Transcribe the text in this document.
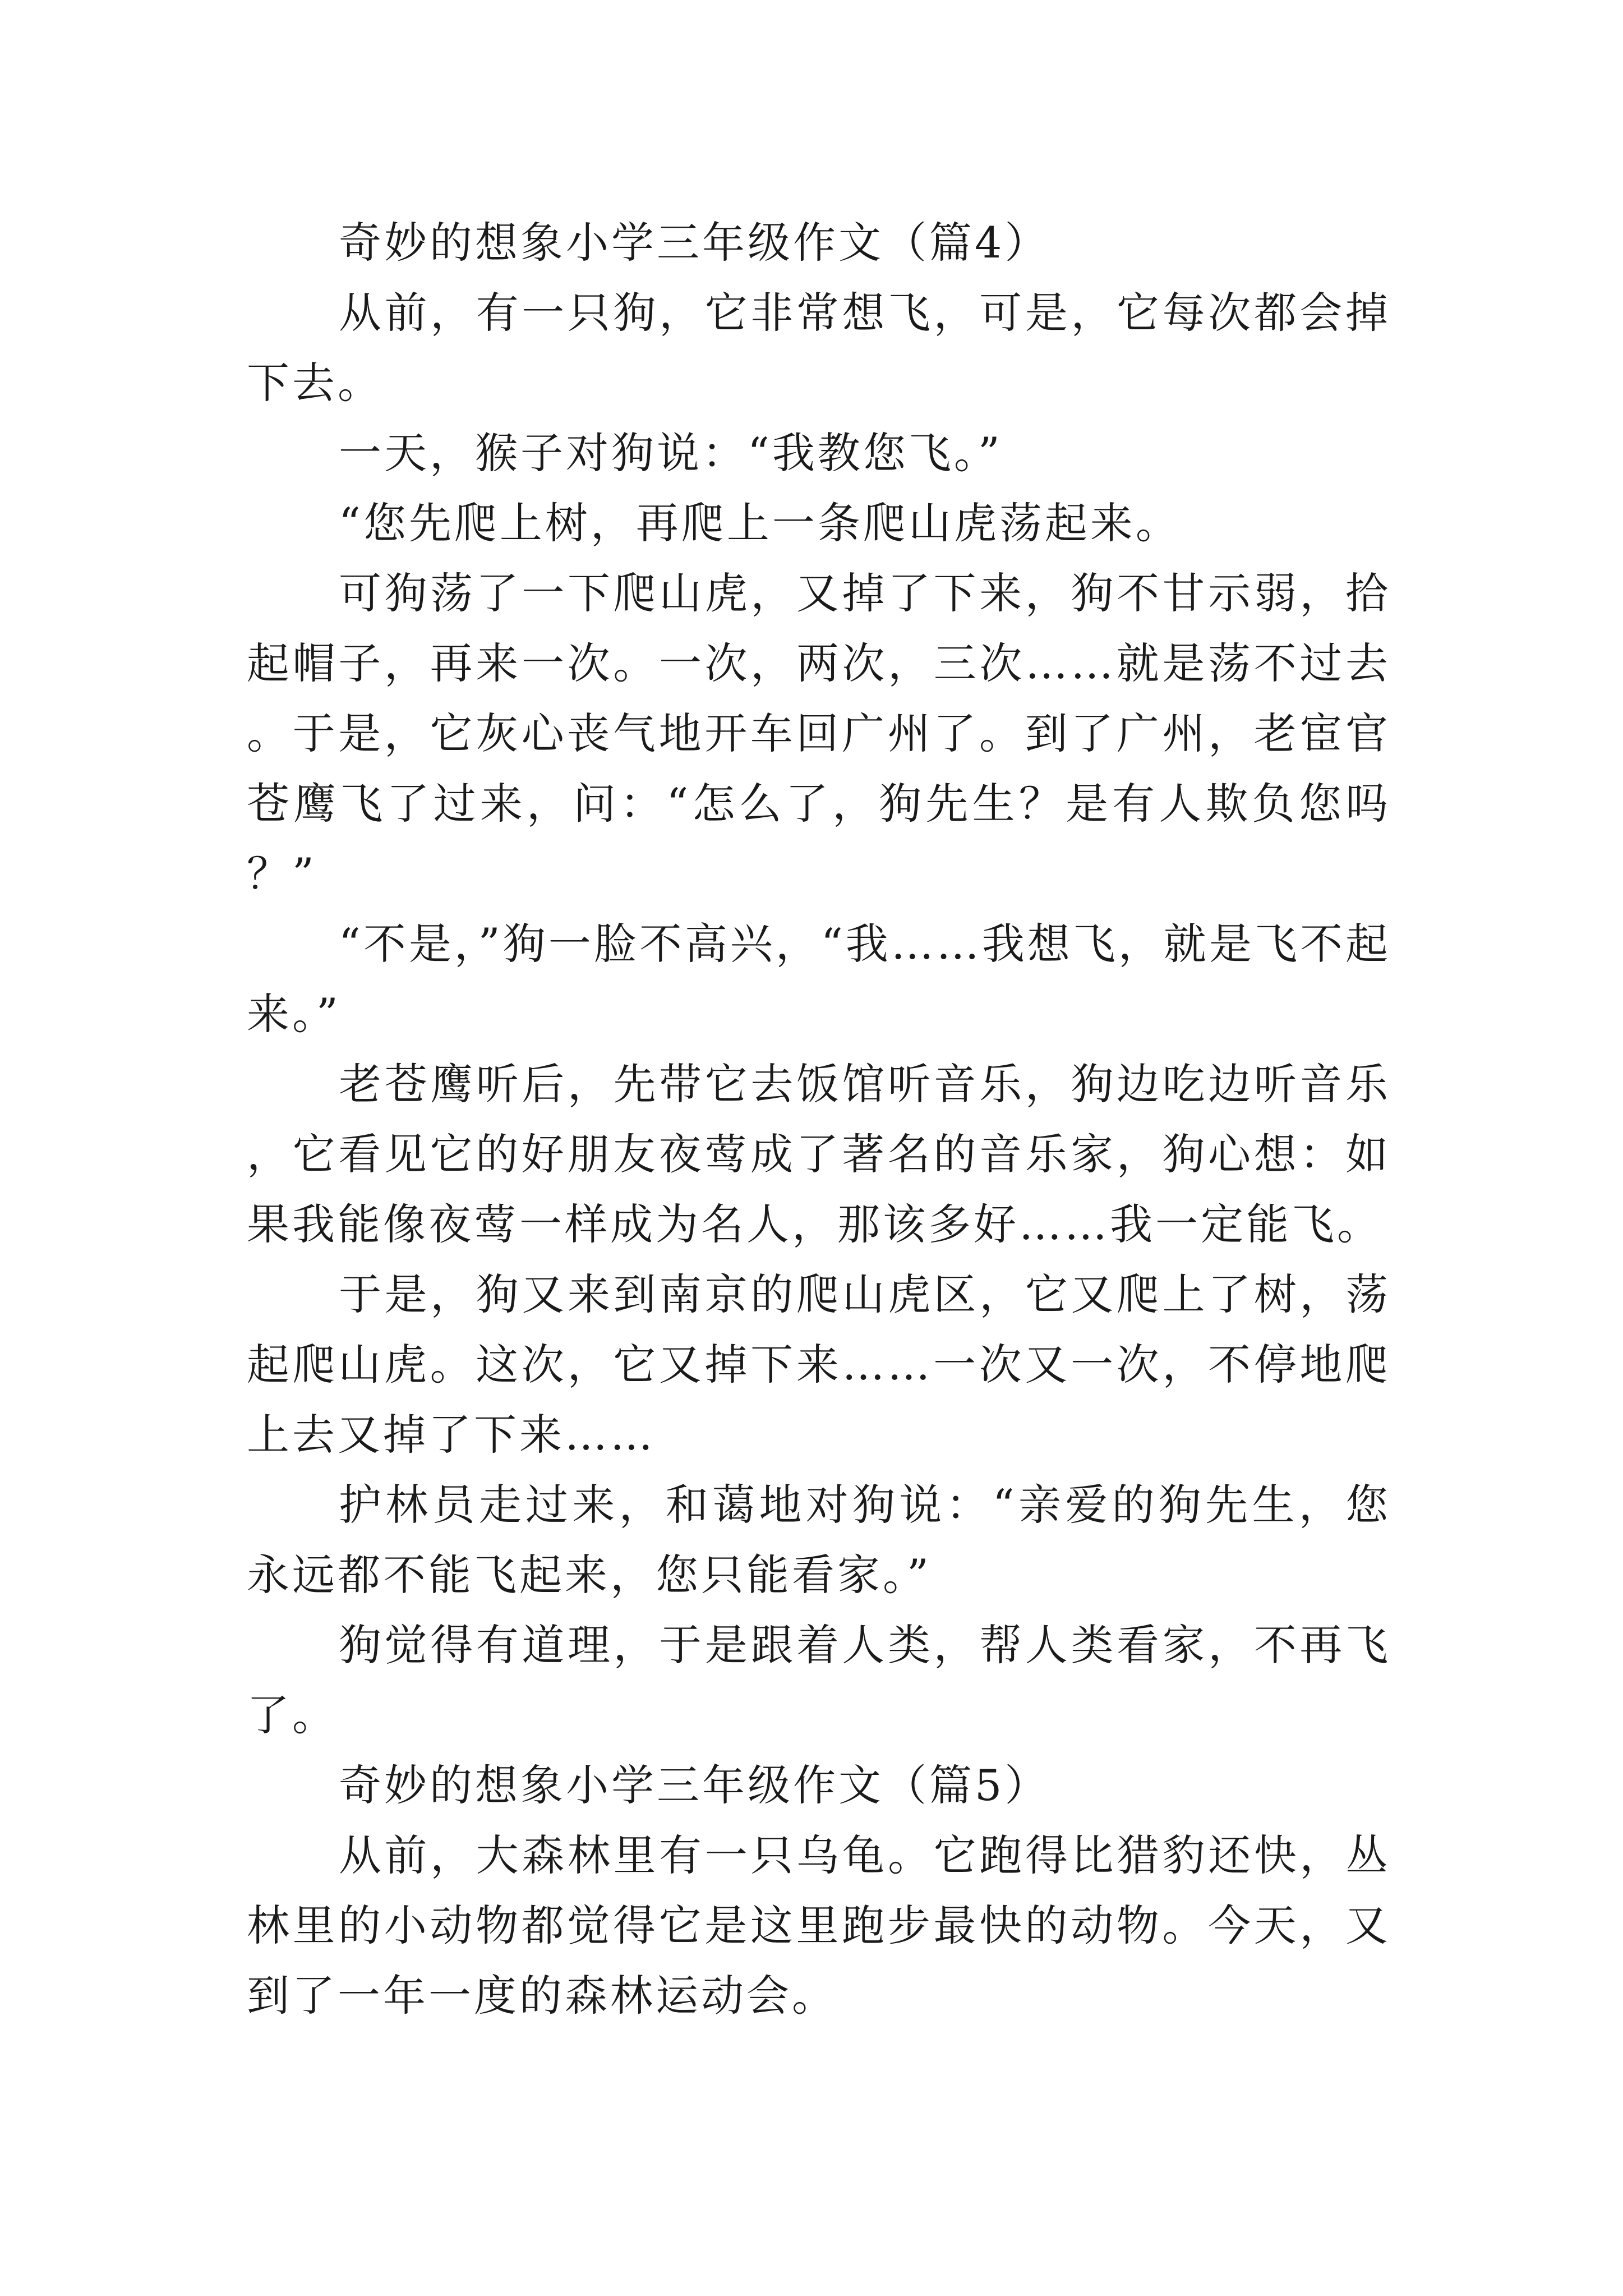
奇妙的想象小学三年级作文（篇4）

从前，有一只狗，它非常想飞，可是，它每次都会掉下去。

一天，猴子对狗说：“我教您飞。”

“您先爬上树，再爬上一条爬山虎荡起来。

可狗荡了一下爬山虎，又掉了下来，狗不甘示弱，拾起帽子，再来一次。一次，两次，三次……就是荡不过去。于是，它灰心丧气地开车回广州了。到了广州，老宦官苍鹰飞了过来，问：“怎么了，狗先生？是有人欺负您吗？”

“不是，”狗一脸不高兴，“我……我想飞，就是飞不起来。”

老苍鹰听后，先带它去饭馆听音乐，狗边吃边听音乐，它看见它的好朋友夜莺成了著名的音乐家，狗心想：如果我能像夜莺一样成为名人，那该多好……我一定能飞。

于是，狗又来到南京的爬山虎区，它又爬上了树，荡起爬山虎。这次，它又掉下来……一次又一次，不停地爬上去又掉了下来……

护林员走过来，和蔼地对狗说：“亲爱的狗先生，您永远都不能飞起来，您只能看家。”

狗觉得有道理，于是跟着人类，帮人类看家，不再飞了。

奇妙的想象小学三年级作文（篇5）

从前，大森林里有一只乌龟。它跑得比猎豹还快，丛林里的小动物都觉得它是这里跑步最快的动物。今天，又到了一年一度的森林运动会。
